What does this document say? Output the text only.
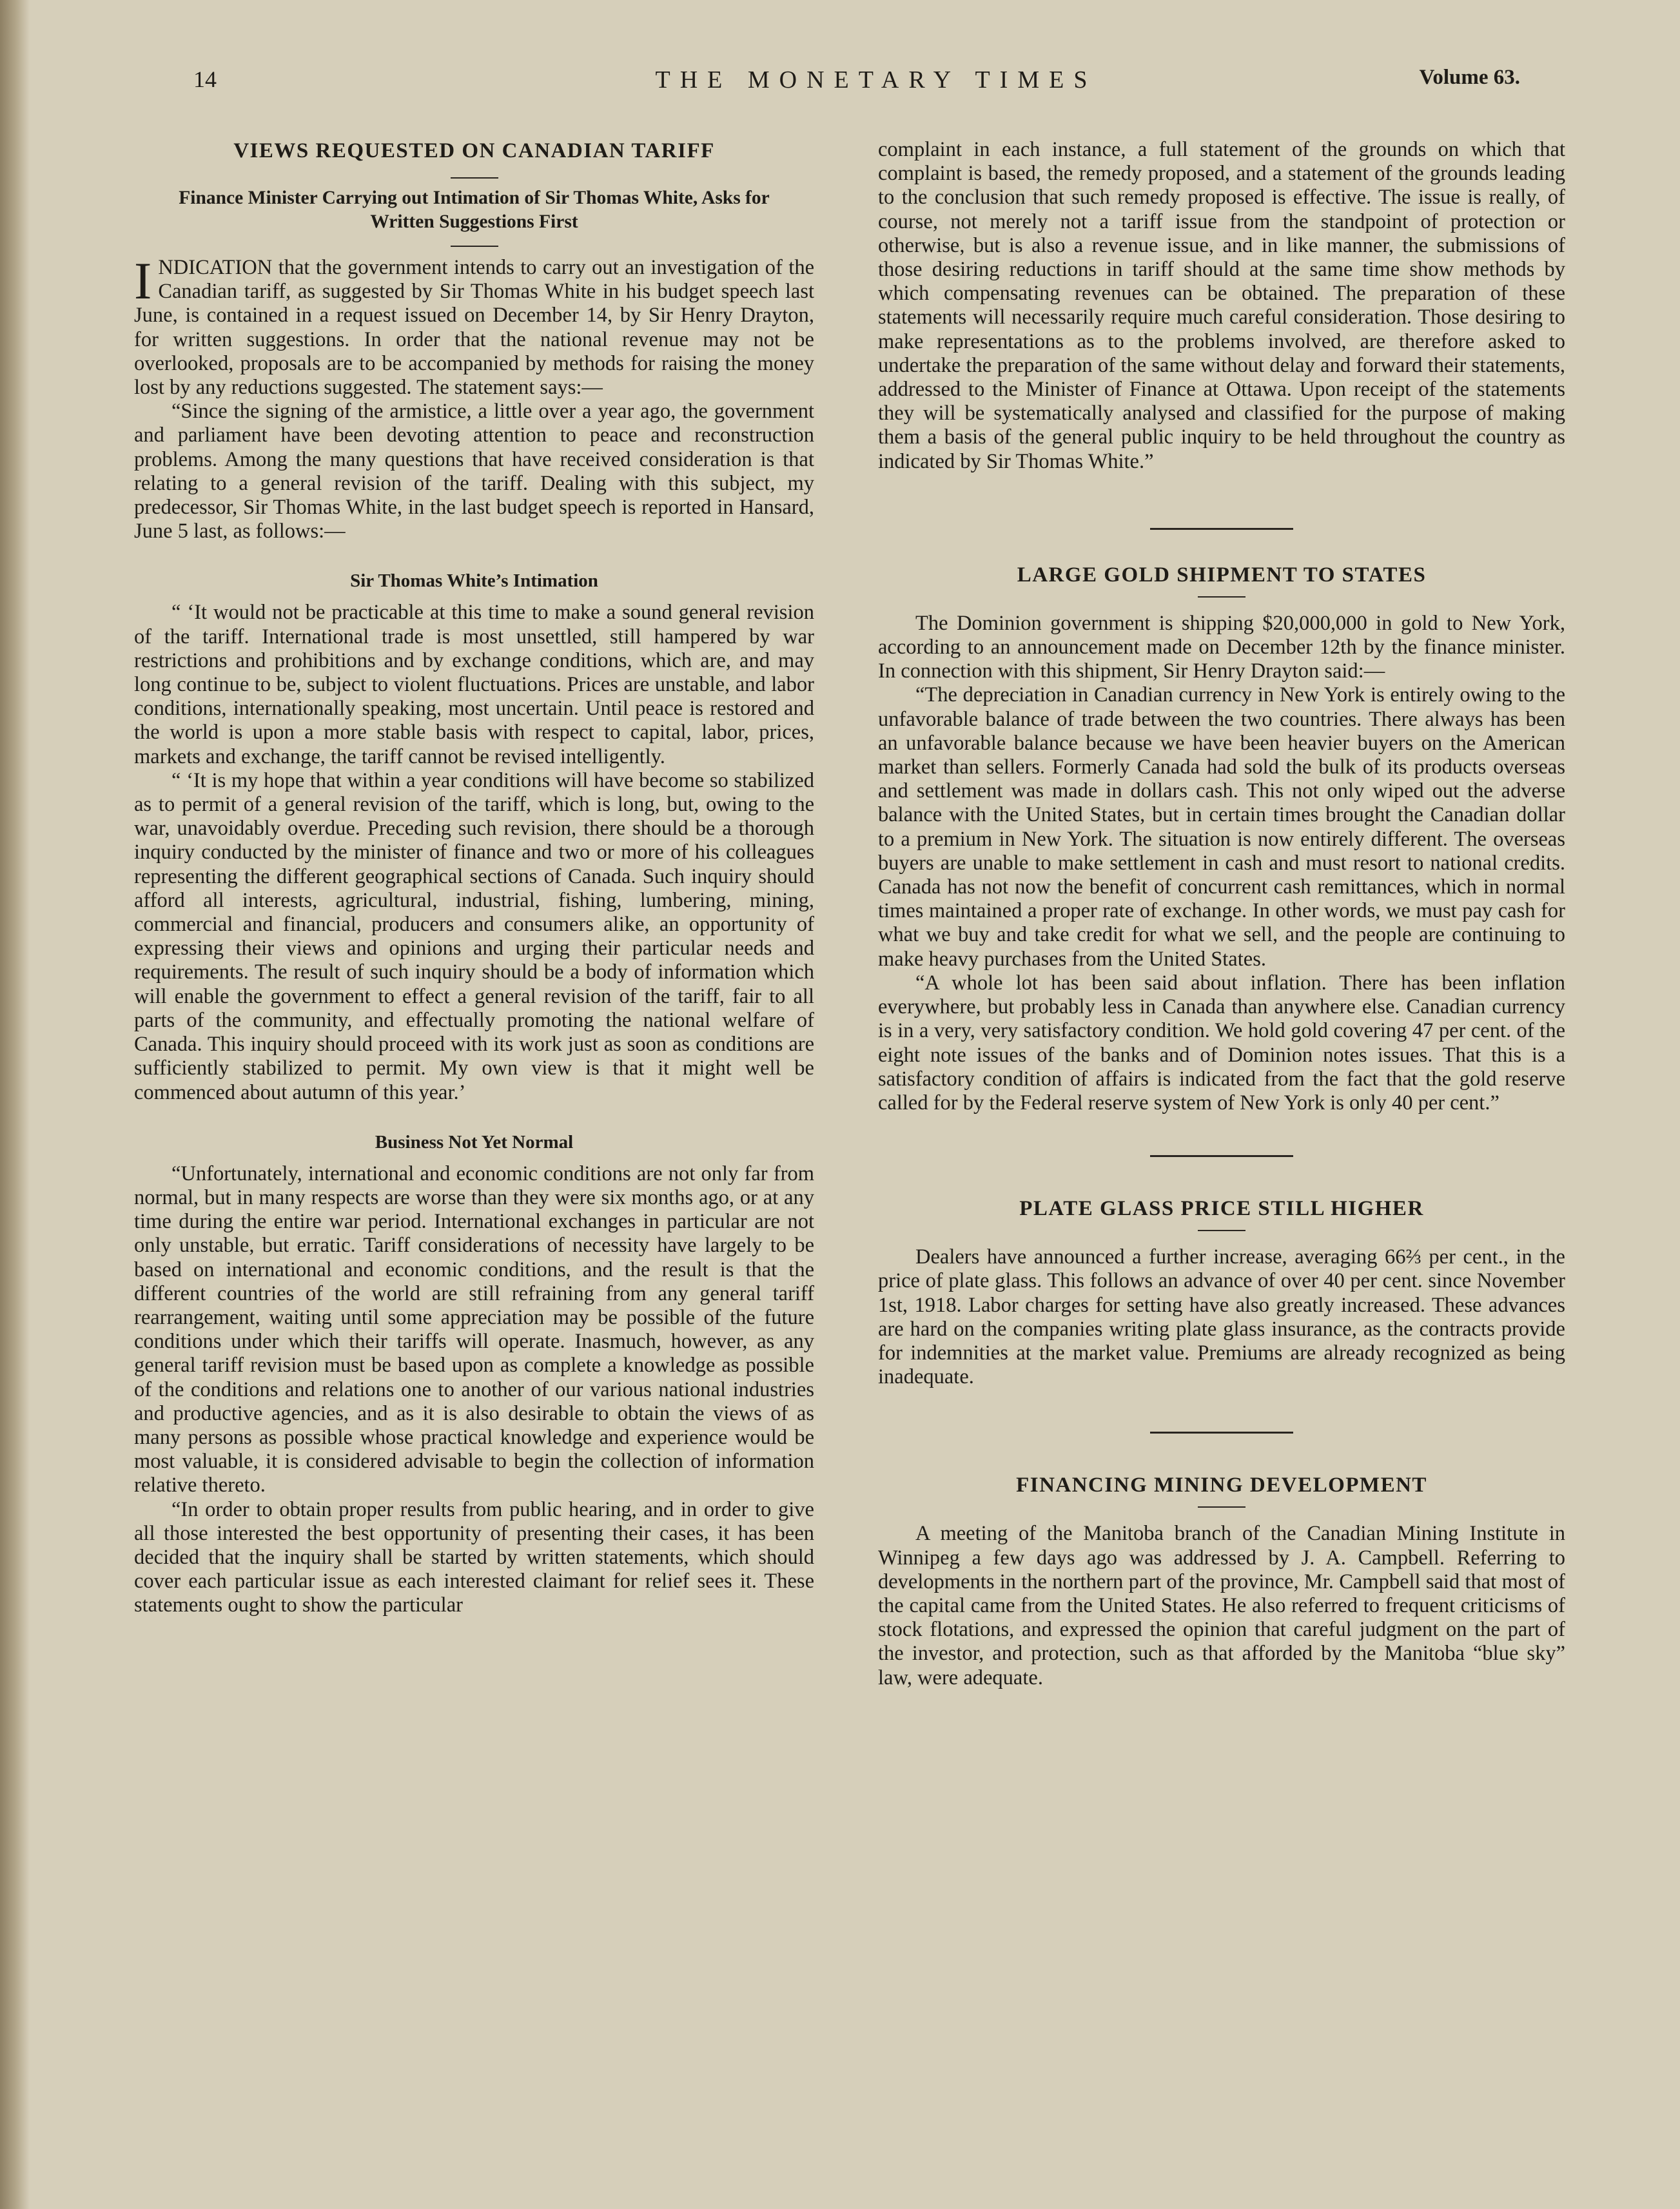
14	THE MONETARY TIMES	Volume 63.
VIEWS REQUESTED ON CANADIAN TARIFF
Finance Minister Carrying out Intimation of Sir Thomas White, Asks for Written Suggestions First

INDICATION that the government intends to carry out an investigation of the Canadian tariff, as suggested by Sir Thomas White in his budget speech last June, is contained in a request issued on December 14, by Sir Henry Drayton, for written suggestions. In order that the national revenue may not be overlooked, proposals are to be accompanied by methods for raising the money lost by any reductions suggested. The statement says:—

“Since the signing of the armistice, a little over a year ago, the government and parliament have been devoting attention to peace and reconstruction problems. Among the many questions that have received consideration is that relating to a general revision of the tariff. Dealing with this subject, my predecessor, Sir Thomas White, in the last budget speech is reported in Hansard, June 5 last, as follows:—

Sir Thomas White’s Intimation

“ ‘It would not be practicable at this time to make a sound general revision of the tariff. International trade is most unsettled, still hampered by war restrictions and prohibitions and by exchange conditions, which are, and may long continue to be, subject to violent fluctuations. Prices are unstable, and labor conditions, internationally speaking, most uncertain. Until peace is restored and the world is upon a more stable basis with respect to capital, labor, prices, markets and exchange, the tariff cannot be revised intelligently.

“ ‘It is my hope that within a year conditions will have become so stabilized as to permit of a general revision of the tariff, which is long, but, owing to the war, unavoidably overdue. Preceding such revision, there should be a thorough inquiry conducted by the minister of finance and two or more of his colleagues representing the different geographical sections of Canada. Such inquiry should afford all interests, agricultural, industrial, fishing, lumbering, mining, commercial and financial, producers and consumers alike, an opportunity of expressing their views and opinions and urging their particular needs and requirements. The result of such inquiry should be a body of information which will enable the government to effect a general revision of the tariff, fair to all parts of the community, and effectually promoting the national welfare of Canada. This inquiry should proceed with its work just as soon as conditions are sufficiently stabilized to permit. My own view is that it might well be commenced about autumn of this year.’

Business Not Yet Normal

“Unfortunately, international and economic conditions are not only far from normal, but in many respects are worse than they were six months ago, or at any time during the entire war period. International exchanges in particular are not only unstable, but erratic. Tariff considerations of necessity have largely to be based on international and economic conditions, and the result is that the different countries of the world are still refraining from any general tariff rearrangement, waiting until some appreciation may be possible of the future conditions under which their tariffs will operate. Inasmuch, however, as any general tariff revision must be based upon as complete a knowledge as possible of the conditions and relations one to another of our various national industries and productive agencies, and as it is also desirable to obtain the views of as many persons as possible whose practical knowledge and experience would be most valuable, it is considered advisable to begin the collection of information relative thereto.

“In order to obtain proper results from public hearing, and in order to give all those interested the best opportunity of presenting their cases, it has been decided that the inquiry shall be started by written statements, which should cover each particular issue as each interested claimant for relief sees it. These statements ought to show the particular

complaint in each instance, a full statement of the grounds on which that complaint is based, the remedy proposed, and a statement of the grounds leading to the conclusion that such remedy proposed is effective. The issue is really, of course, not merely not a tariff issue from the standpoint of protection or otherwise, but is also a revenue issue, and in like manner, the submissions of those desiring reductions in tariff should at the same time show methods by which compensating revenues can be obtained. The preparation of these statements will necessarily require much careful consideration. Those desiring to make representations as to the problems involved, are therefore asked to undertake the preparation of the same without delay and forward their statements, addressed to the Minister of Finance at Ottawa. Upon receipt of the statements they will be systematically analysed and classified for the purpose of making them a basis of the general public inquiry to be held throughout the country as indicated by Sir Thomas White.”

LARGE GOLD SHIPMENT TO STATES

The Dominion government is shipping $20,000,000 in gold to New York, according to an announcement made on December 12th by the finance minister. In connection with this shipment, Sir Henry Drayton said:—

“The depreciation in Canadian currency in New York is entirely owing to the unfavorable balance of trade between the two countries. There always has been an unfavorable balance because we have been heavier buyers on the American market than sellers. Formerly Canada had sold the bulk of its products overseas and settlement was made in dollars cash. This not only wiped out the adverse balance with the United States, but in certain times brought the Canadian dollar to a premium in New York. The situation is now entirely different. The overseas buyers are unable to make settlement in cash and must resort to national credits. Canada has not now the benefit of concurrent cash remittances, which in normal times maintained a proper rate of exchange. In other words, we must pay cash for what we buy and take credit for what we sell, and the people are continuing to make heavy purchases from the United States.

“A whole lot has been said about inflation. There has been inflation everywhere, but probably less in Canada than anywhere else. Canadian currency is in a very, very satisfactory condition. We hold gold covering 47 per cent. of the eight note issues of the banks and of Dominion notes issues. That this is a satisfactory condition of affairs is indicated from the fact that the gold reserve called for by the Federal reserve system of New York is only 40 per cent.”

PLATE GLASS PRICE STILL HIGHER

Dealers have announced a further increase, averaging 66⅔ per cent., in the price of plate glass. This follows an advance of over 40 per cent. since November 1st, 1918. Labor charges for setting have also greatly increased. These advances are hard on the companies writing plate glass insurance, as the contracts provide for indemnities at the market value. Premiums are already recognized as being inadequate.

FINANCING MINING DEVELOPMENT

A meeting of the Manitoba branch of the Canadian Mining Institute in Winnipeg a few days ago was addressed by J. A. Campbell. Referring to developments in the northern part of the province, Mr. Campbell said that most of the capital came from the United States. He also referred to frequent criticisms of stock flotations, and expressed the opinion that careful judgment on the part of the investor, and protection, such as that afforded by the Manitoba “blue sky” law, were adequate.
